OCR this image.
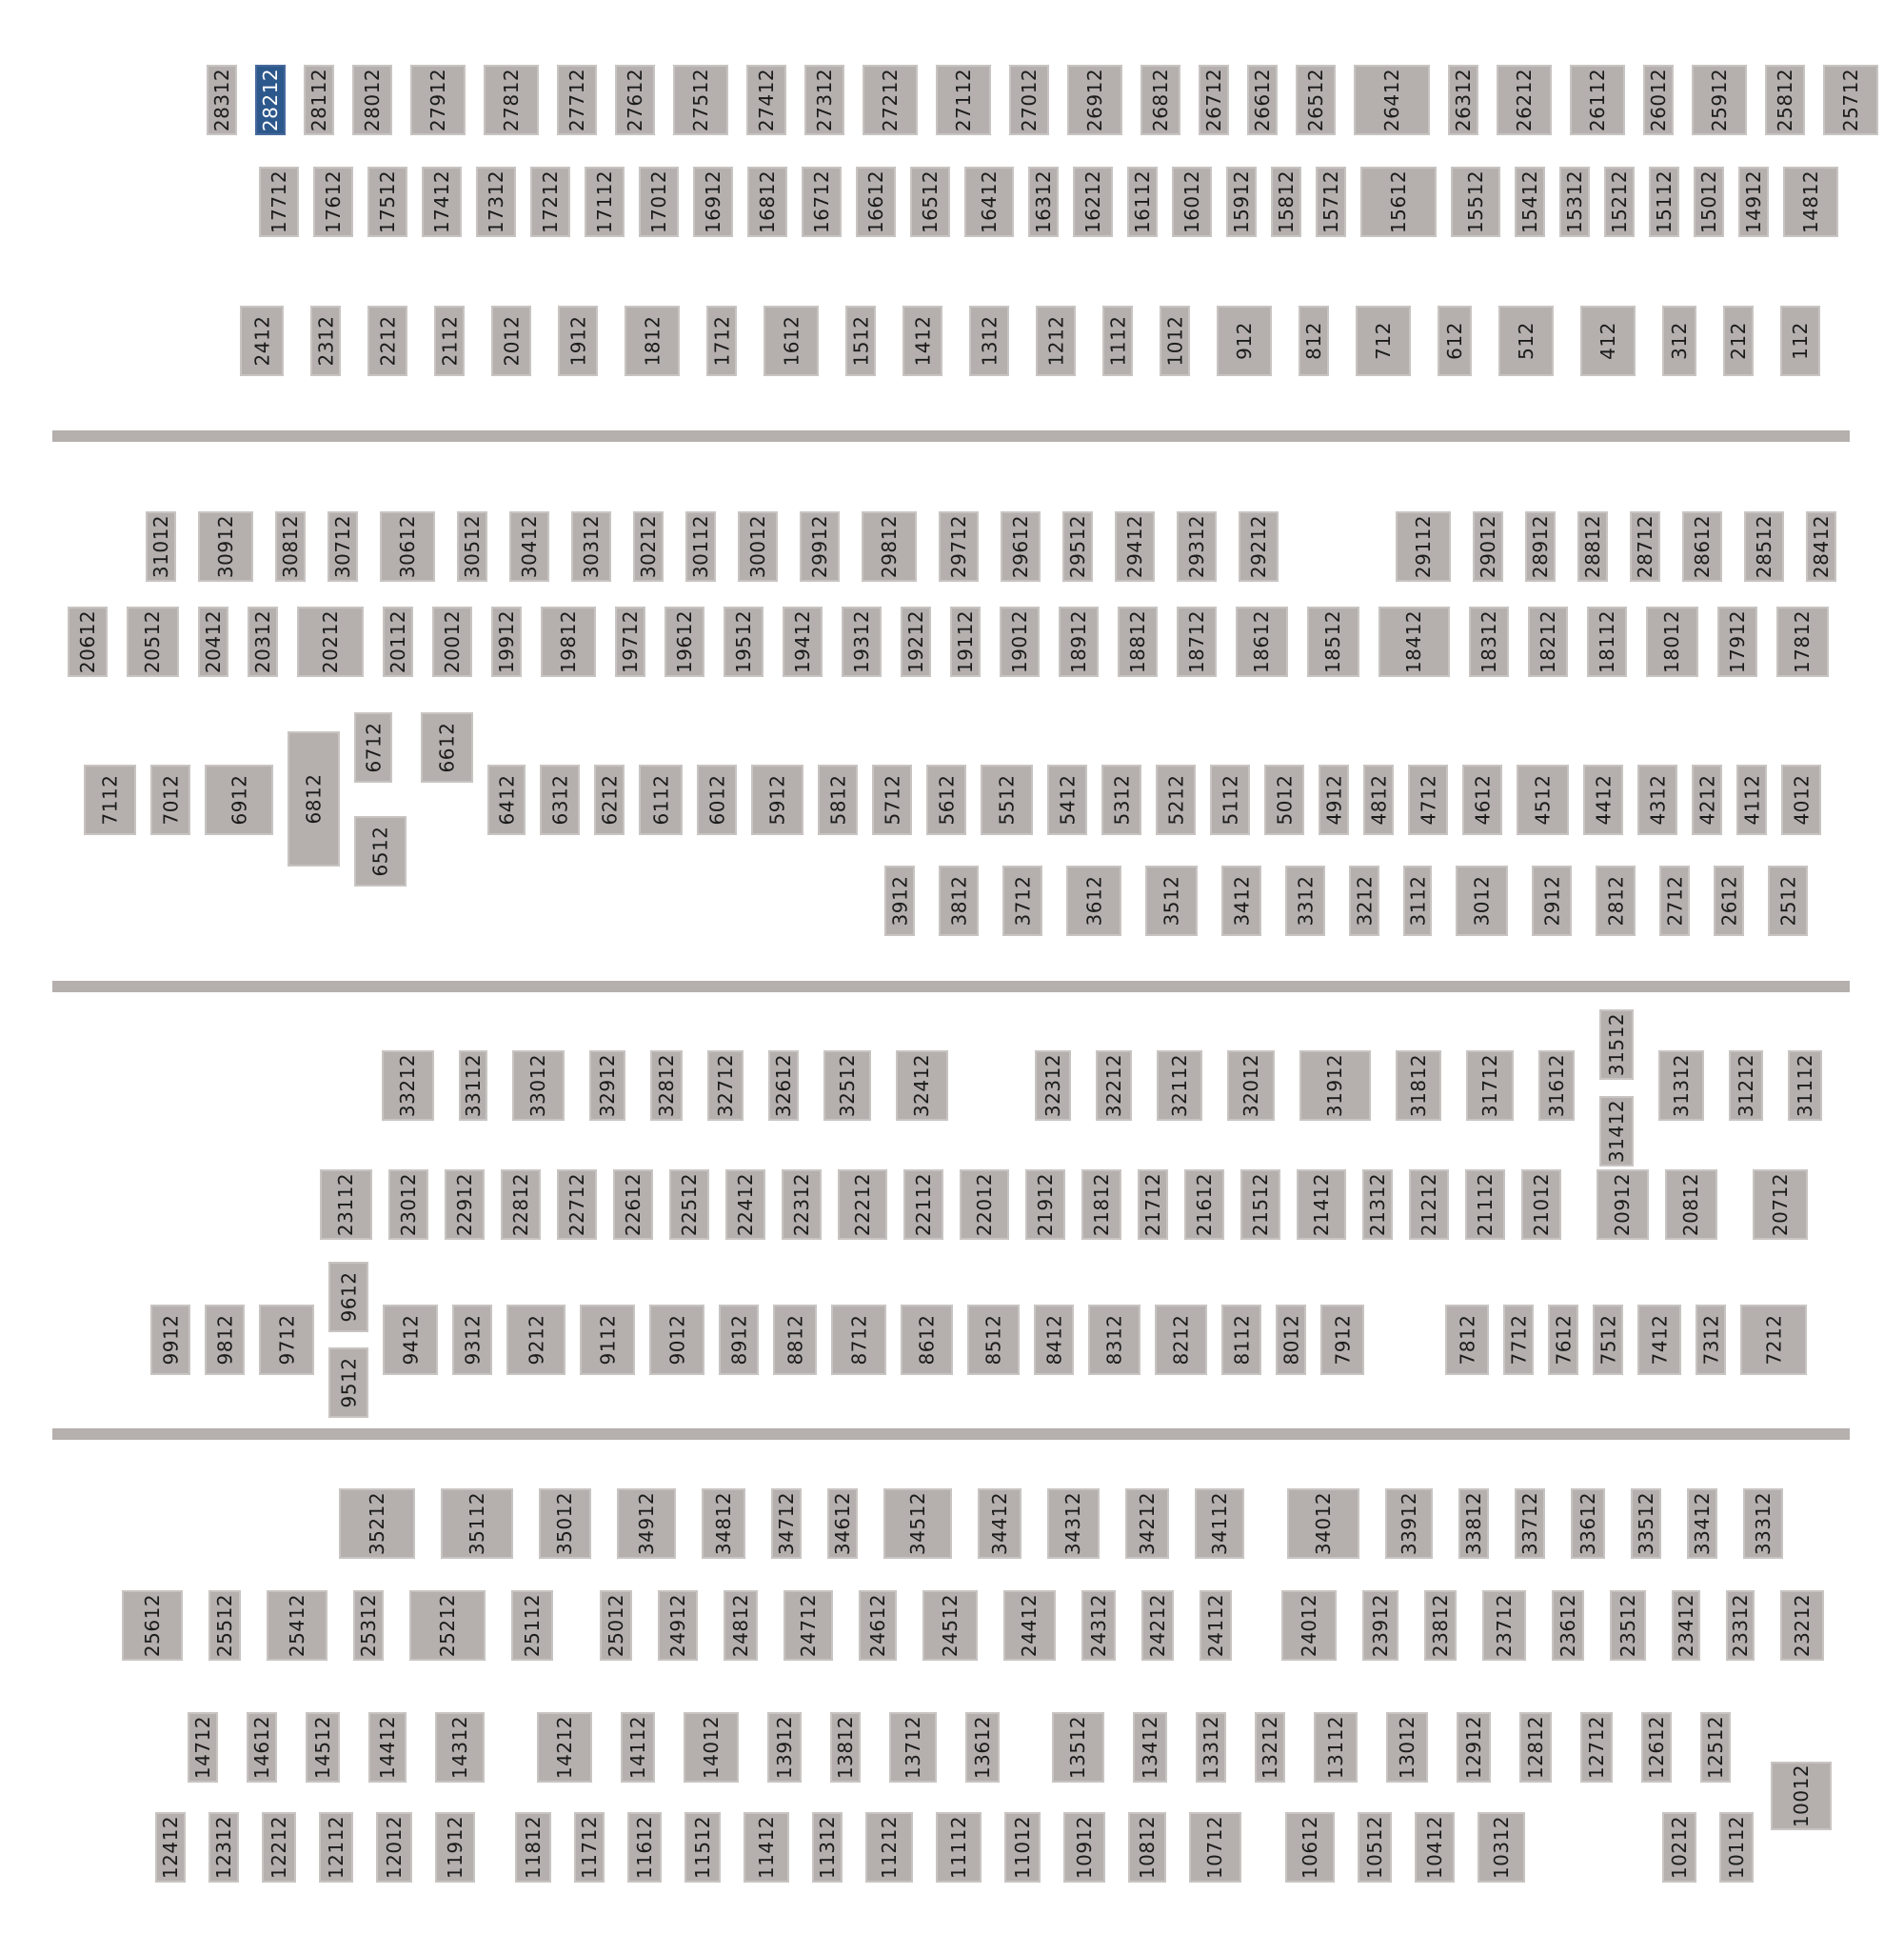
28312 28212 28112 28012 27912	27812 27712 27612 27512 27412 27312 27212	27112 27012 26912 26812 26712 26612 26512	26412	26312 26212	26112 26012 25912 25812 25712
17712 17612 17512 17412 17312 17212 17112 17012 16912 16812 16712 16612 16512 16412 16312 16212 16112 16012 15912 15812 15712 15612	15512 15412 15312 15212 15112 15012 14912 14812
2412 2312 2212 2112 2012 1912	1812 1712 1612 1512 1412 1312 1212 1112 1012 912 812 712	612	512	412	312 212 112
31012 30912 30812 30712 30612 30512 30412 30312 30212 30112 30012 29912 29812 29712 29612 29512 29412 29312 29212	29112 29012 28912 28812 28712 28612 28512 28412
20612 20512 20412 20312 20212 20112 20012 19912 19812 19712 19612 19512 19412 19312 19212 19112 19012 18912 18812 18712 18612	18512	18412	18312 18212 18112 18012 17912 17812
7112 7012 6912	6812
6712
6512
6612
6412 6312 6212 6112 6012 5912 5812 5712 5612 5512 5412 5312 5212 5112 5012 4912 4812 4712 4612 4512 4412 4312 4212 4112 4012
3912 3812 3712	3612	3512 3412 3312 3212 3112 3012 2912 2812 2712 2612 2512
33212 33112 33012 32912 32812 32712 32612 32512	32412	32312 32212 32112	32012	31912	31812	31712 31612
31512
31412
31312 31212 31112
23112 23012 22912 22812 22712 22612 22512 22412 22312 22212 22112 22012 21912 21812 21712 21612 21512 21412 21312 21212 21112 21012	20912 20812	20712
9912 9812 9712
9612
9512
9412 9312 9212	9112 9012 8912 8812 8712 8612 8512 8412 8312 8212 8112 8012 7912	7812 7712 7612 7512 7412 7312 7212
35212	35112	35012	34912	34812 34712 34612	34512	34412	34312	34212	34112	34012	33912 33812 33712 33612 33512 33412 33312
25612	25512	25412	25312	25212	25112	25012 24912 24812 24712 24612	24512	24412 24312 24212 24112	24012	23912 23812 23712 23612 23512 23412 23312 23212
14712 14612 14512 14412	14312	14212	14112	14012	13912 13812 13712 13612	13512	13412 13312 13212 13112	13012 12912 12812 12712 12612 12512
10012
12412 12312 12212 12112 12012 11912	11812 11712 11612 11512 11412 11312 11212 11112 11012 10912 10812 10712	10612 10512 10412 10312	10212 10112
